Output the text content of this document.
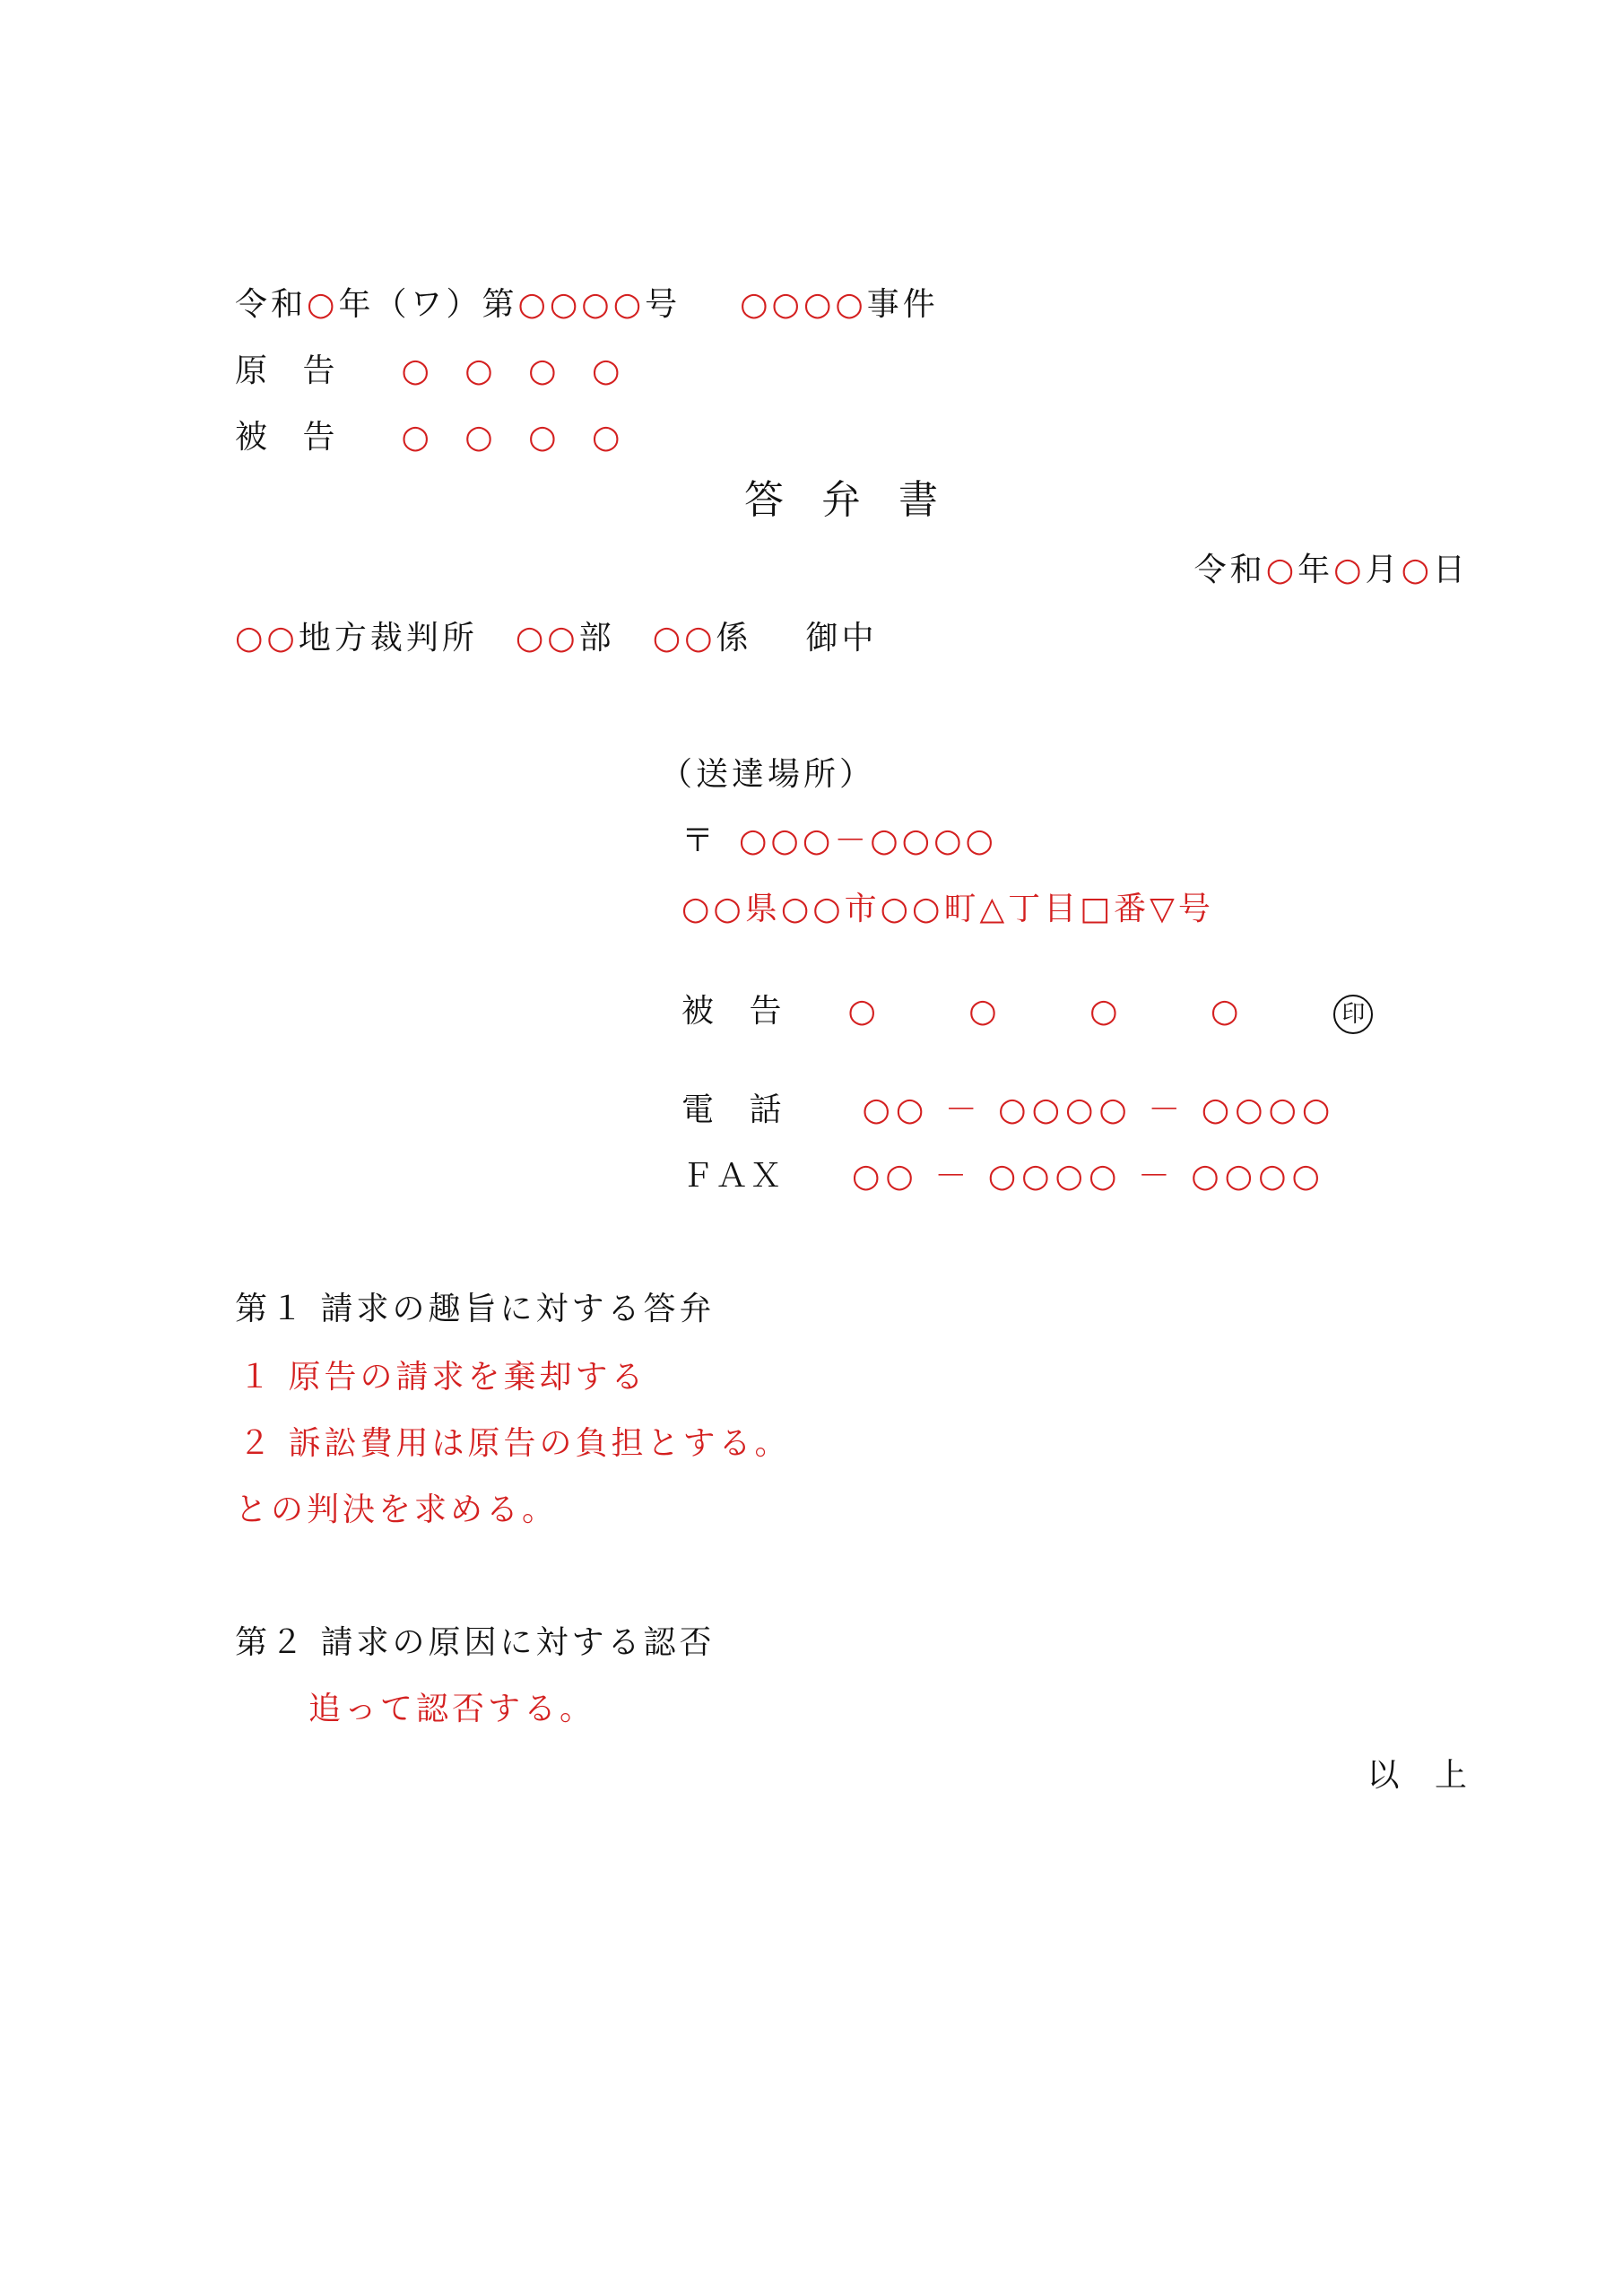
令和○年（ワ）第○○○○号 ○○○○事件
原 告 ○ ○ ○ ○
被 告 ○ ○ ○ ○
答弁書
令和○年○月○日
○○地方裁判所 ○○部 ○○係 御中
（送達場所）
〒 ○○○－○○○○
○○県○○市○○町△丁目□番▽号
被 告 ○ ○ ○ ○	印
電 話 ○○ － ○○○○ － ○○○○
ＦＡＸ ○○ － ○○○○ － ○○○○
第１ 請求の趣旨に対する答弁
１ 原告の請求を棄却する
２ 訴訟費用は原告の負担とする。
との判決を求める。
第２ 請求の原因に対する認否
追って認否する。
以 上
